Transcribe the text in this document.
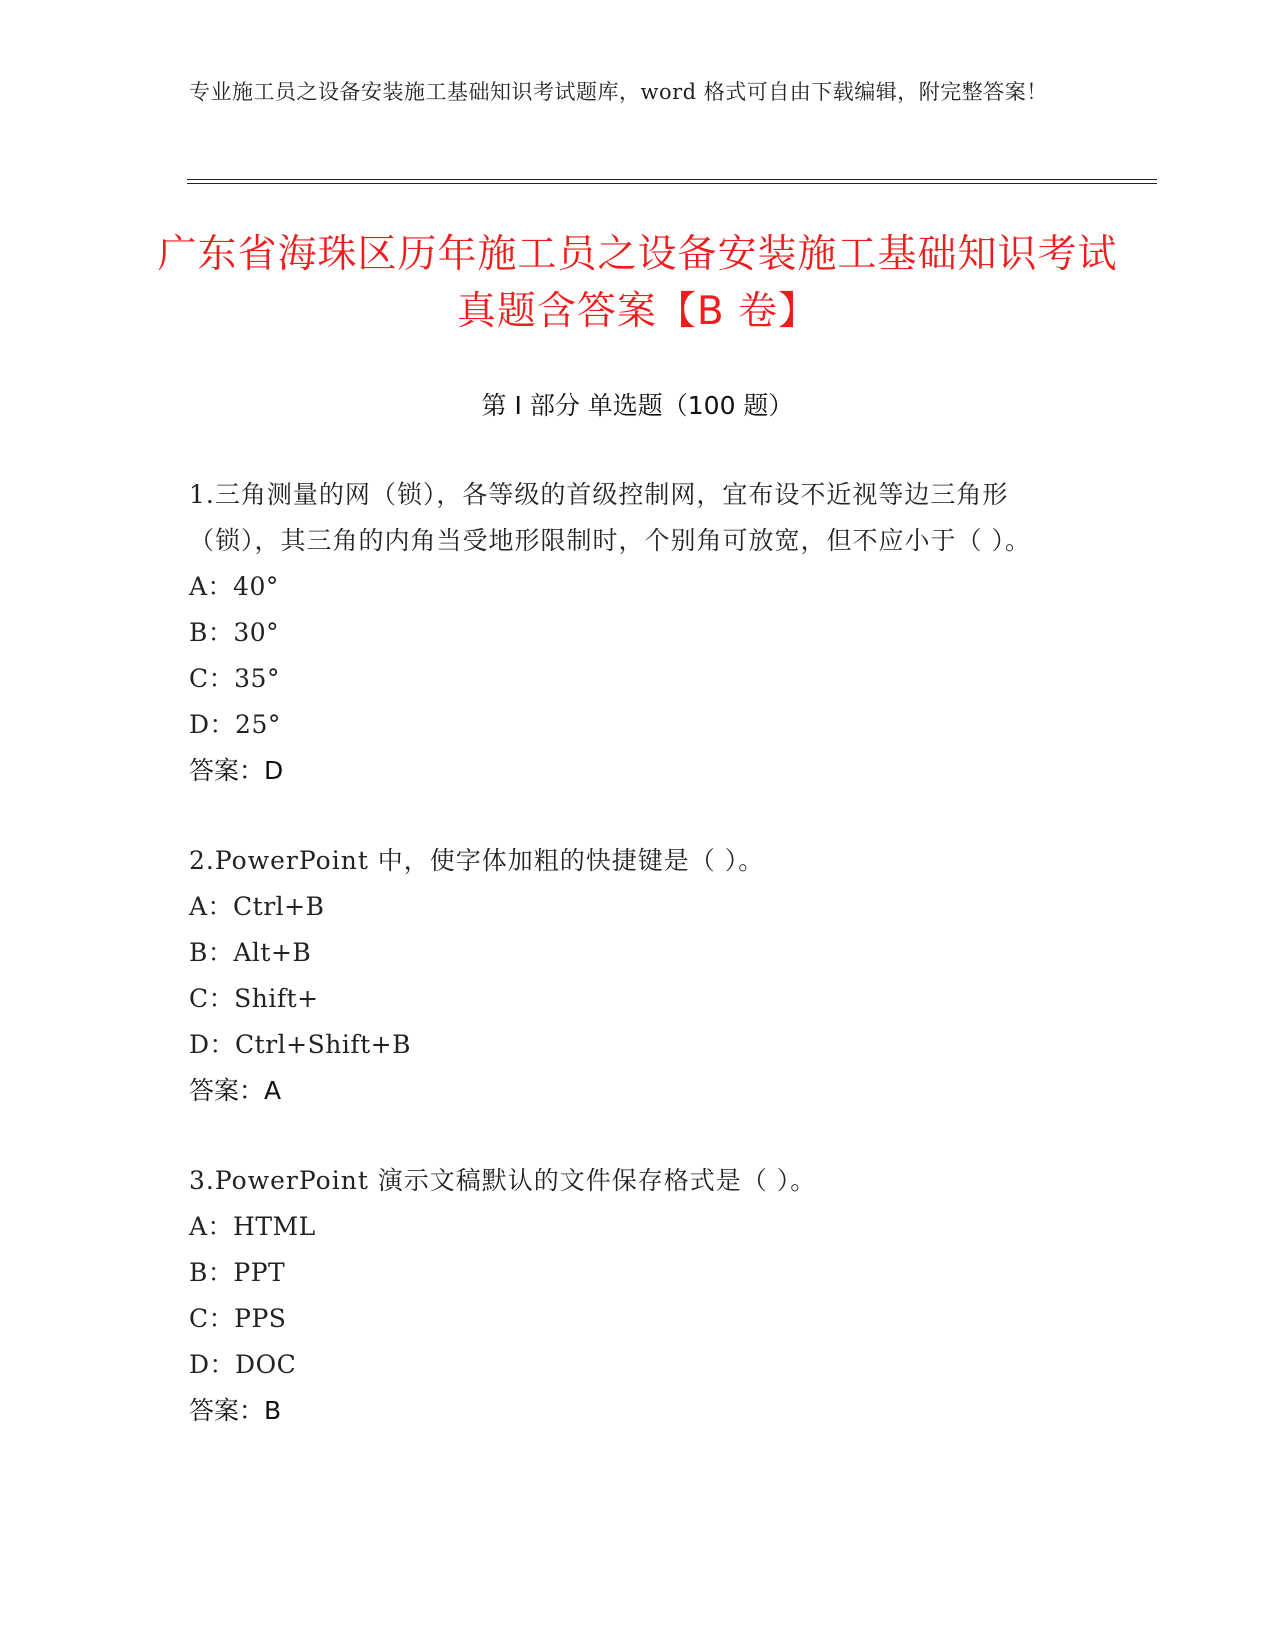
专业施工员之设备安装施工基础知识考试题库，word 格式可自由下载编辑，附完整答案！
广东省海珠区历年施工员之设备安装施工基础知识考试真题含答案【B 卷】
第 I 部分 单选题（100 题）
1.三角测量的网（锁），各等级的首级控制网，宜布设不近视等边三角形（锁），其三角的内角当受地形限制时，个别角可放宽，但不应小于（ ）。
A：40°
B：30°
C：35°
D：25°
答案：D
2.PowerPoint 中，使字体加粗的快捷键是（ ）。
A：Ctrl+B
B：Alt+B
C：Shift+
D：Ctrl+Shift+B
答案：A
3.PowerPoint 演示文稿默认的文件保存格式是（ ）。
A：HTML
B：PPT
C：PPS
D：DOC
答案：B
